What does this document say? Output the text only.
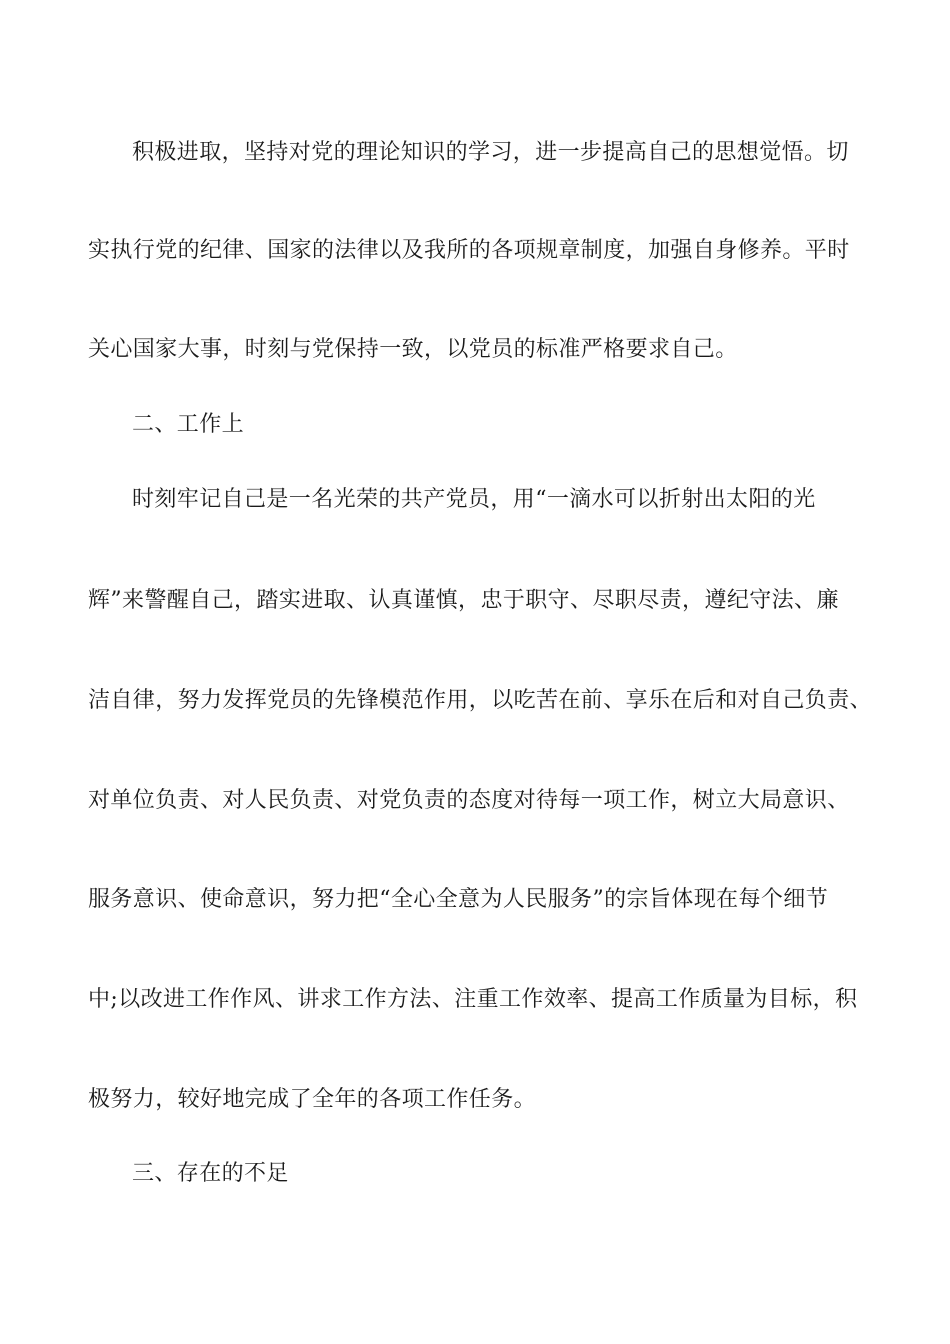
积极进取，坚持对党的理论知识的学习，进一步提高自己的思想觉悟。切
实执行党的纪律、国家的法律以及我所的各项规章制度，加强自身修养。平时
关心国家大事，时刻与党保持一致，以党员的标准严格要求自己。
二、工作上
时刻牢记自己是一名光荣的共产党员，用“一滴水可以折射出太阳的光
辉”来警醒自己，踏实进取、认真谨慎，忠于职守、尽职尽责，遵纪守法、廉
洁自律，努力发挥党员的先锋模范作用，以吃苦在前、享乐在后和对自己负责、
对单位负责、对人民负责、对党负责的态度对待每一项工作，树立大局意识、
服务意识、使命意识，努力把“全心全意为人民服务”的宗旨体现在每个细节
中;以改进工作作风、讲求工作方法、注重工作效率、提高工作质量为目标，积
极努力，较好地完成了全年的各项工作任务。
三、存在的不足
